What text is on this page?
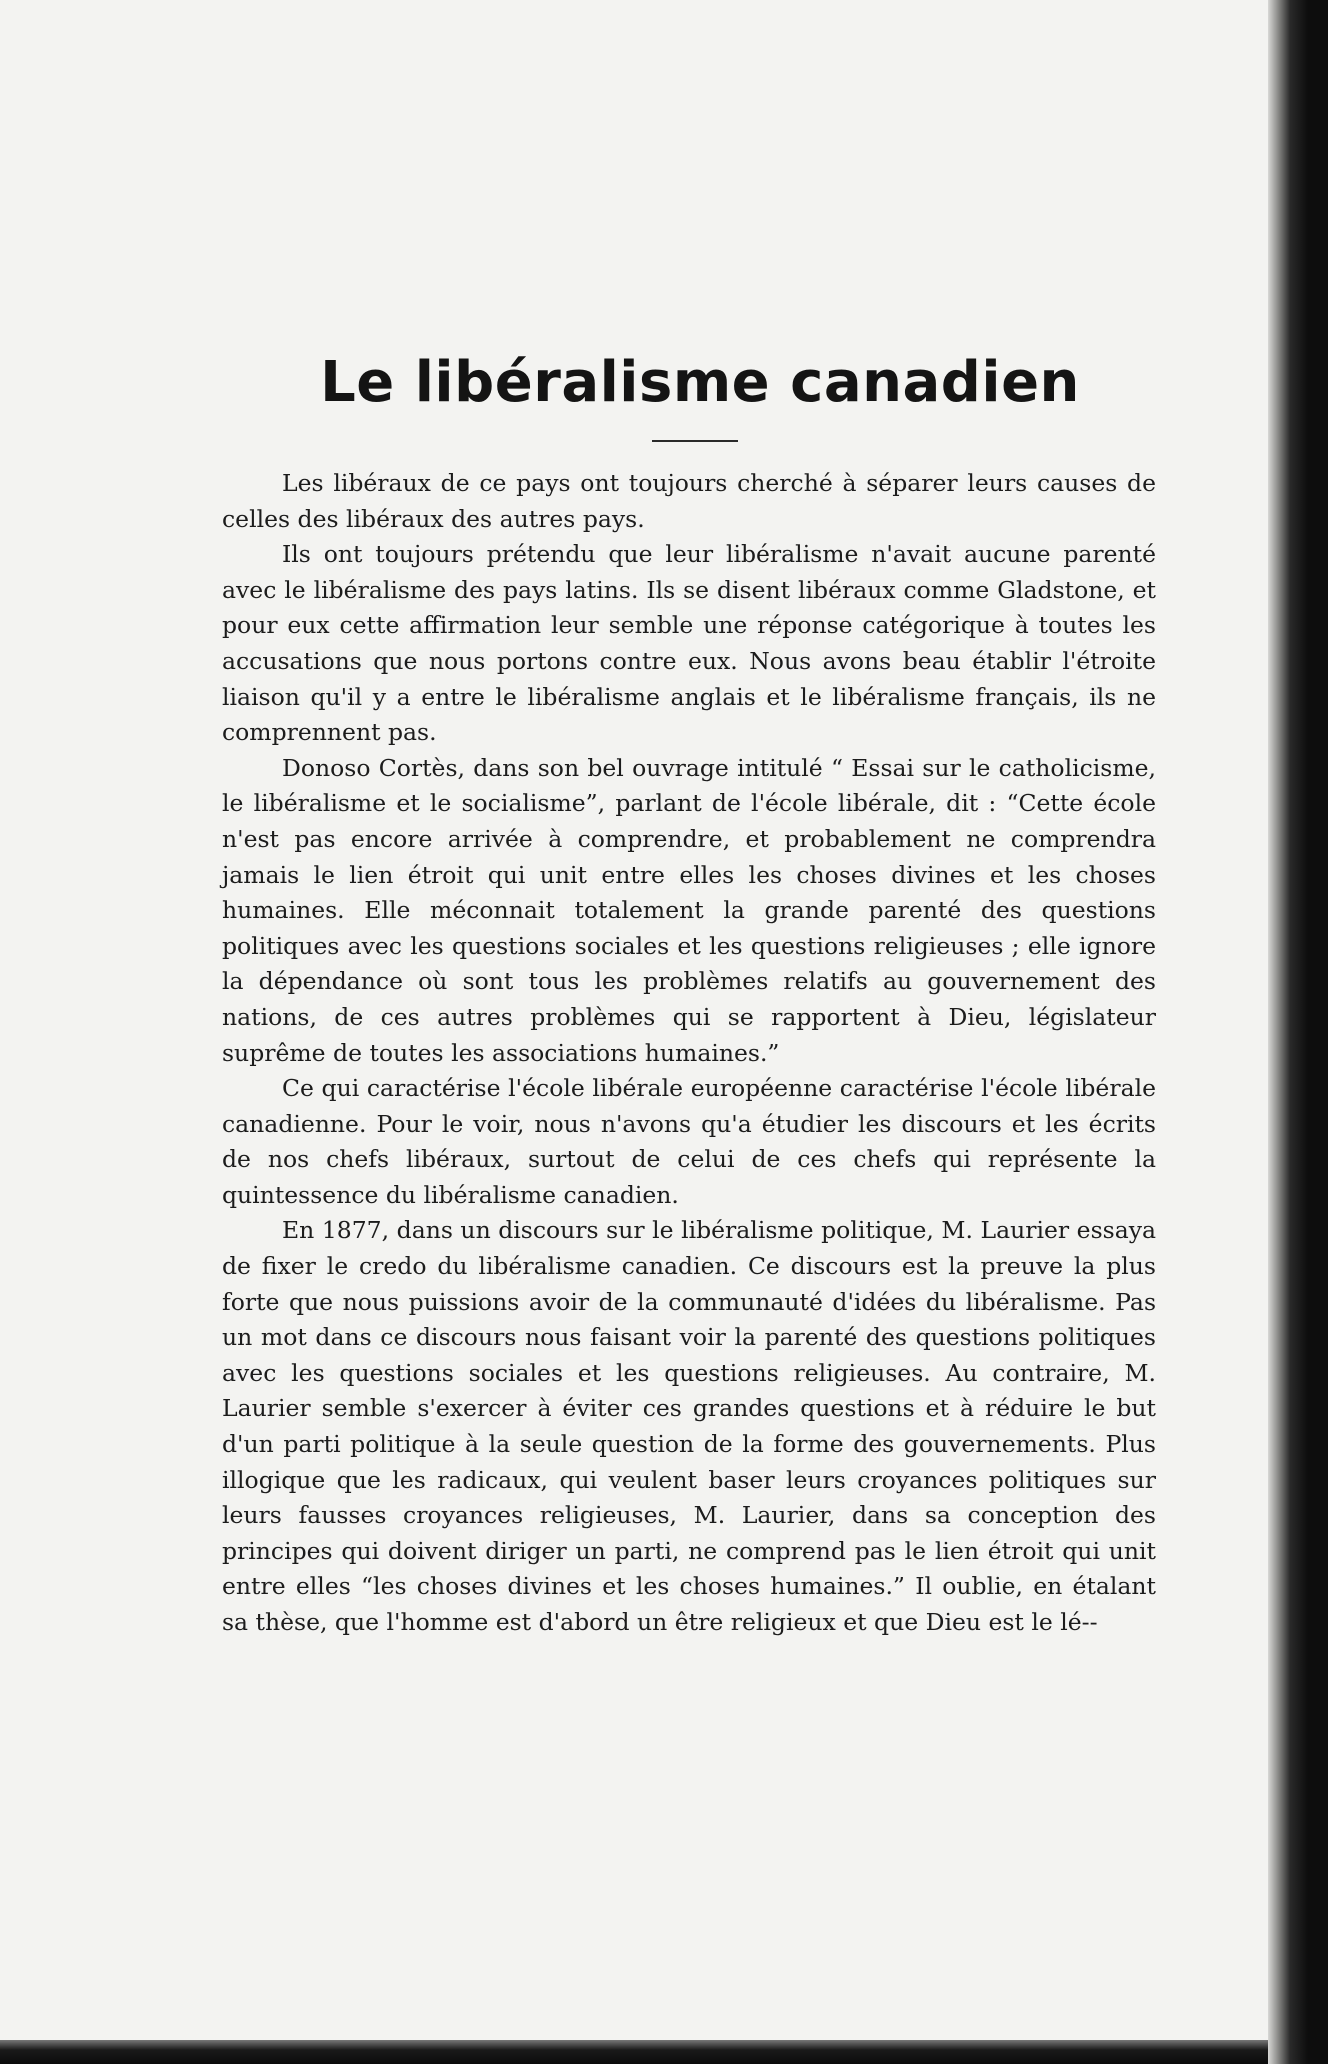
Le libéralisme canadien

Les libéraux de ce pays ont toujours cherché à séparer leurs causes de celles des libéraux des autres pays.

Ils ont toujours prétendu que leur libéralisme n'avait aucune parenté avec le libéralisme des pays latins. Ils se disent libéraux comme Gladstone, et pour eux cette affirmation leur semble une réponse catégorique à toutes les accusations que nous portons contre eux. Nous avons beau établir l'étroite liaison qu'il y a entre le libéralisme anglais et le libéralisme français, ils ne comprennent pas.

Donoso Cortès, dans son bel ouvrage intitulé “ Essai sur le catholicisme, le libéralisme et le socialisme”, parlant de l'école libérale, dit : “Cette école n'est pas encore arrivée à comprendre, et probablement ne comprendra jamais le lien étroit qui unit entre elles les choses divines et les choses humaines. Elle méconnait totalement la grande parenté des questions politiques avec les questions sociales et les questions religieuses ; elle ignore la dépendance où sont tous les problèmes relatifs au gouvernement des nations, de ces autres problèmes qui se rapportent à Dieu, législateur suprême de toutes les associations humaines.”

Ce qui caractérise l'école libérale européenne caractérise l'école libérale canadienne. Pour le voir, nous n'avons qu'a étudier les discours et les écrits de nos chefs libéraux, surtout de celui de ces chefs qui représente la quintessence du libéralisme canadien.

En 1877, dans un discours sur le libéralisme politique, M. Laurier essaya de fixer le credo du libéralisme canadien. Ce discours est la preuve la plus forte que nous puissions avoir de la communauté d'idées du libéralisme. Pas un mot dans ce discours nous faisant voir la parenté des questions politiques avec les questions sociales et les questions religieuses. Au contraire, M. Laurier semble s'exercer à éviter ces grandes questions et à réduire le but d'un parti politique à la seule question de la forme des gouvernements. Plus illogique que les radicaux, qui veulent baser leurs croyances politiques sur leurs fausses croyances religieuses, M. Laurier, dans sa conception des principes qui doivent diriger un parti, ne comprend pas le lien étroit qui unit entre elles “les choses divines et les choses humaines.” Il oublie, en étalant sa thèse, que l'homme est d'abord un être religieux et que Dieu est le lé--
